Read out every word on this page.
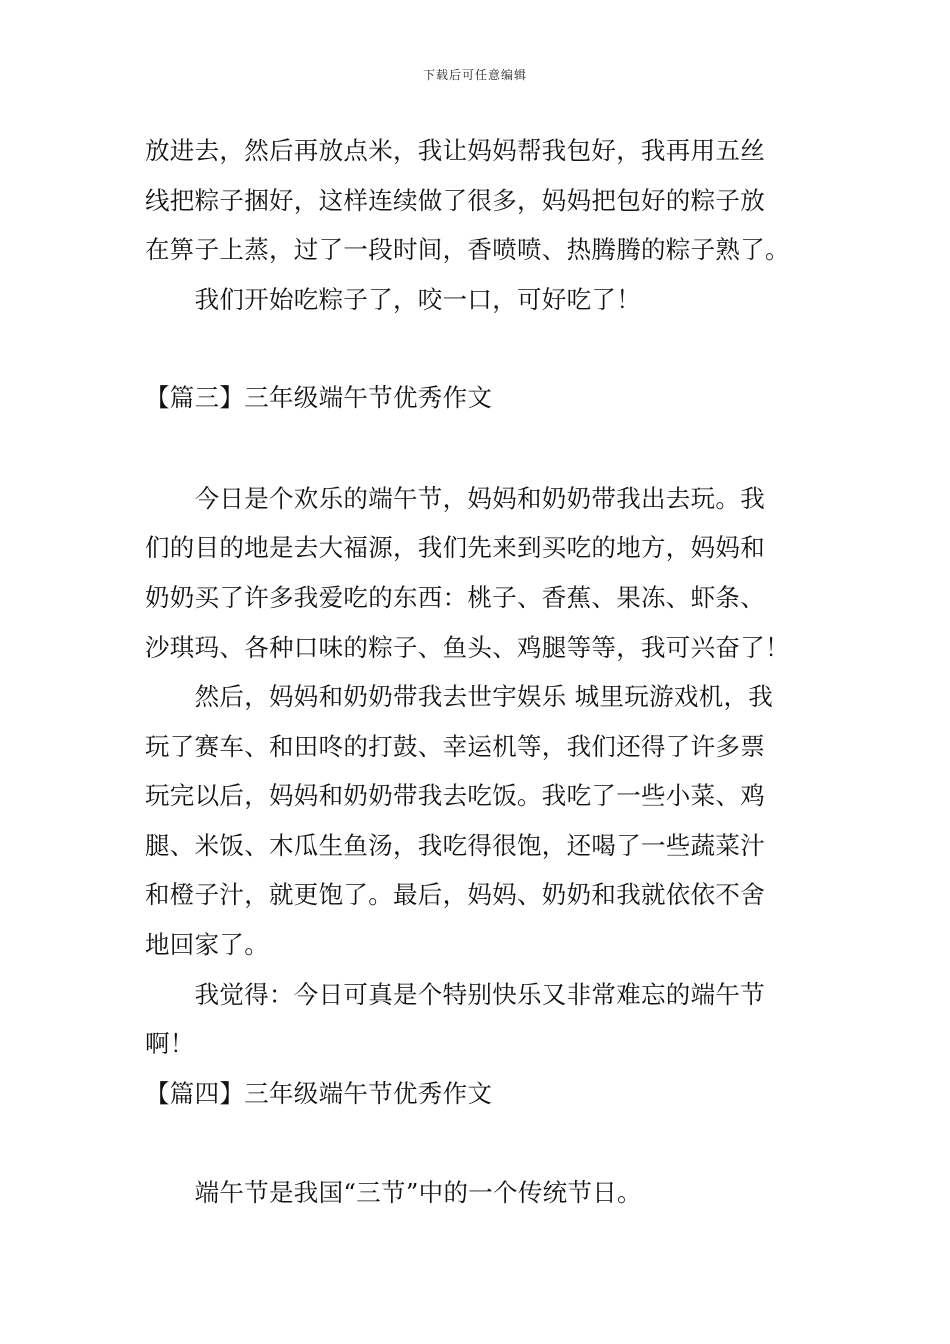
下载后可任意编辑
放进去，然后再放点米，我让妈妈帮我包好，我再用五丝
线把粽子捆好，这样连续做了很多，妈妈把包好的粽子放
在箅子上蒸，过了一段时间，香喷喷、热腾腾的粽子熟了。
　　我们开始吃粽子了，咬一口，可好吃了！
【篇三】三年级端午节优秀作文
　　今日是个欢乐的端午节，妈妈和奶奶带我出去玩。我
们的目的地是去大福源，我们先来到买吃的地方，妈妈和
奶奶买了许多我爱吃的东西：桃子、香蕉、果冻、虾条、
沙琪玛、各种口味的粽子、鱼头、鸡腿等等，我可兴奋了！
　　然后，妈妈和奶奶带我去世宇娱乐 城里玩游戏机，我
玩了赛车、和田咚的打鼓、幸运机等，我们还得了许多票
玩完以后，妈妈和奶奶带我去吃饭。我吃了一些小菜、鸡
腿、米饭、木瓜生鱼汤，我吃得很饱，还喝了一些蔬菜汁
和橙子汁，就更饱了。最后，妈妈、奶奶和我就依依不舍
地回家了。
　　我觉得：今日可真是个特别快乐又非常难忘的端午节
啊！
【篇四】三年级端午节优秀作文
　　端午节是我国“三节”中的一个传统节日。
